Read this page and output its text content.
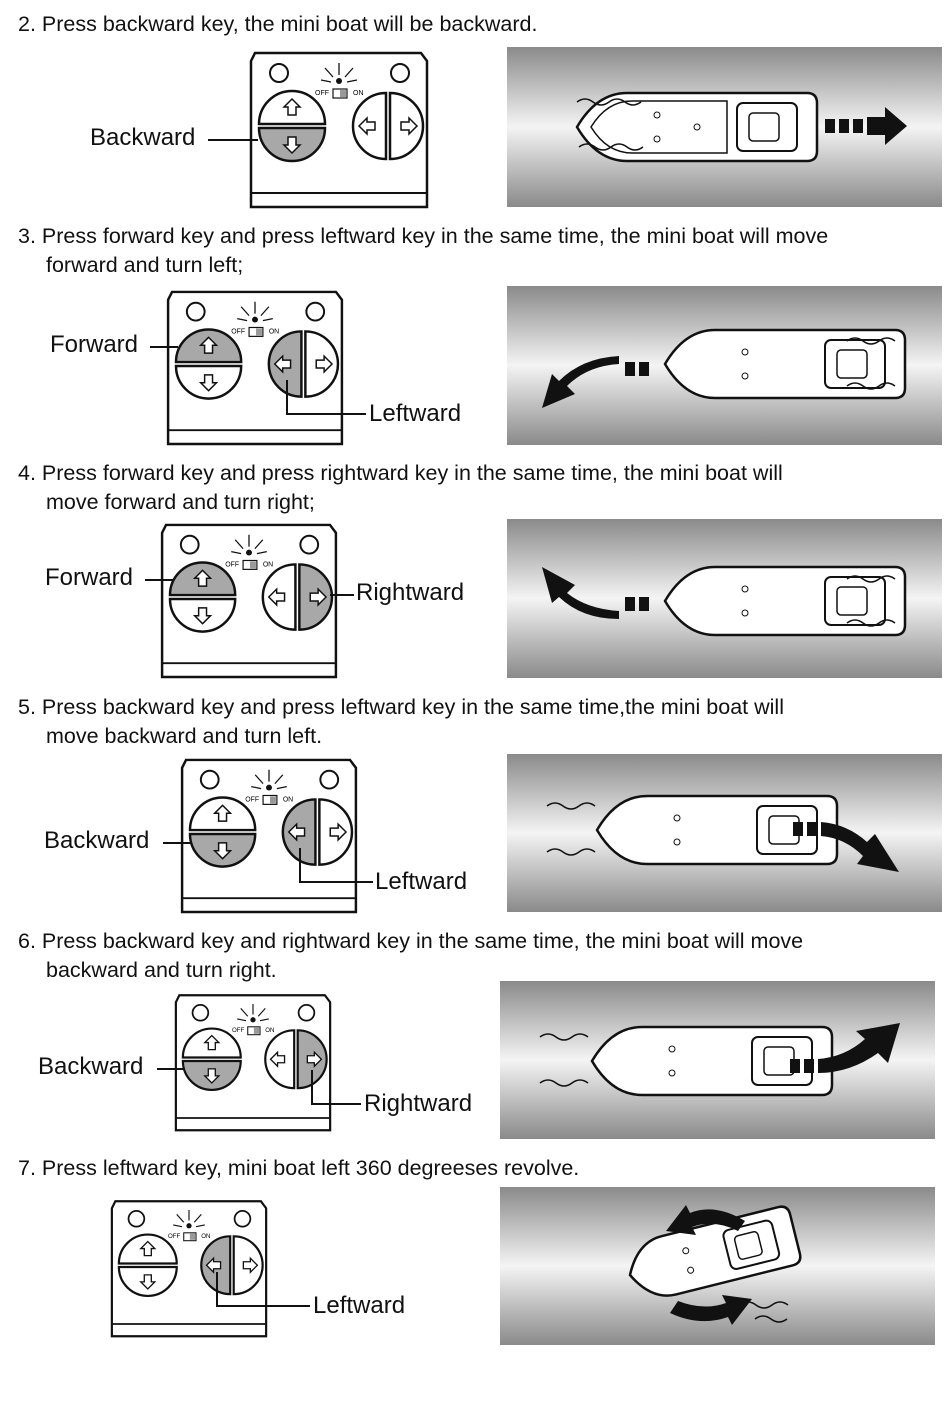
2. Press backward key, the mini boat will be backward.
OFF	ON
Backward
3. Press forward key and press leftward key in the same time, the mini boat will move
forward and turn left;
OFF	ON
Forward
Leftward
4. Press forward key and press rightward key in the same time, the mini boat will
move forward and turn right;
OFF	ON
Forward
Rightward
5. Press backward key and press leftward key in the same time,the mini boat will
move backward and turn left.
OFF	ON
Backward
Leftward
6. Press backward key and rightward key in the same time, the mini boat will move
backward and turn right.
OFF	ON
Backward
Rightward
7. Press leftward key, mini boat left 360 degreeses revolve.
OFF	ON
Leftward
